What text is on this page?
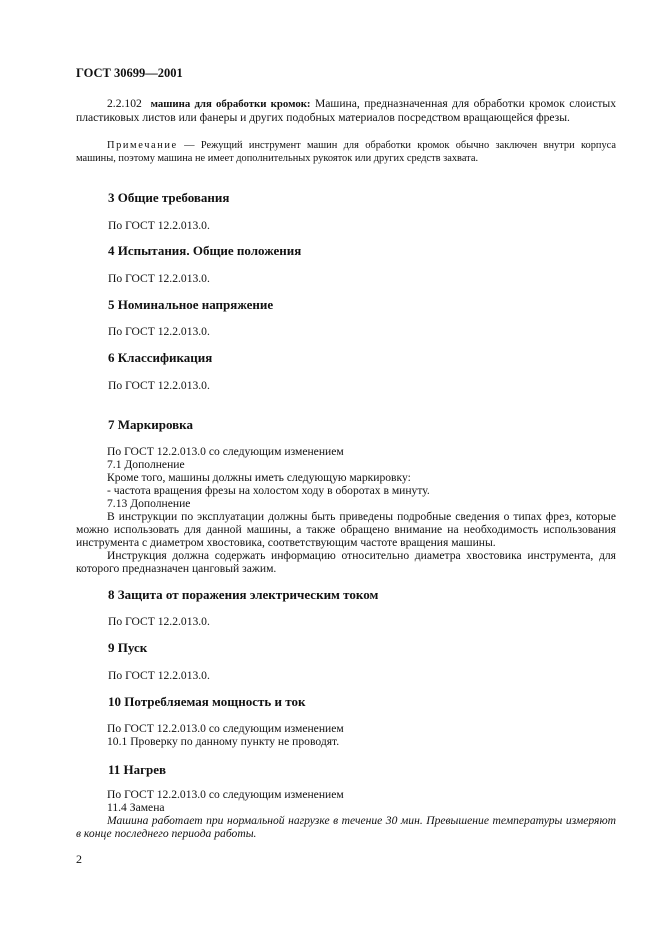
ГОСТ 30699—2001
2.2.102 машина для обработки кромок: Машина, предназначенная для обработки кромок слоистых пластиковых листов или фанеры и других подобных материалов посредством вращающейся фрезы.
Примечание — Режущий инструмент машин для обработки кромок обычно заключен внутри корпуса машины, поэтому машина не имеет дополнительных рукояток или других средств захвата.
3 Общие требования
По ГОСТ 12.2.013.0.
4 Испытания. Общие положения
По ГОСТ 12.2.013.0.
5 Номинальное напряжение
По ГОСТ 12.2.013.0.
6 Классификация
По ГОСТ 12.2.013.0.
7 Маркировка
По ГОСТ 12.2.013.0 со следующим изменением
7.1 Дополнение
Кроме того, машины должны иметь следующую маркировку:
- частота вращения фрезы на холостом ходу в оборотах в минуту.
7.13 Дополнение
В инструкции по эксплуатации должны быть приведены подробные сведения о типах фрез, которые можно использовать для данной машины, а также обращено внимание на необходимость использования инструмента с диаметром хвостовика, соответствующим частоте вращения машины.
Инструкция должна содержать информацию относительно диаметра хвостовика инструмента, для которого предназначен цанговый зажим.
8 Защита от поражения электрическим током
По ГОСТ 12.2.013.0.
9 Пуск
По ГОСТ 12.2.013.0.
10 Потребляемая мощность и ток
По ГОСТ 12.2.013.0 со следующим изменением
10.1 Проверку по данному пункту не проводят.
11 Нагрев
По ГОСТ 12.2.013.0 со следующим изменением
11.4 Замена
Машина работает при нормальной нагрузке в течение 30 мин. Превышение температуры измеряют в конце последнего периода работы.
2
